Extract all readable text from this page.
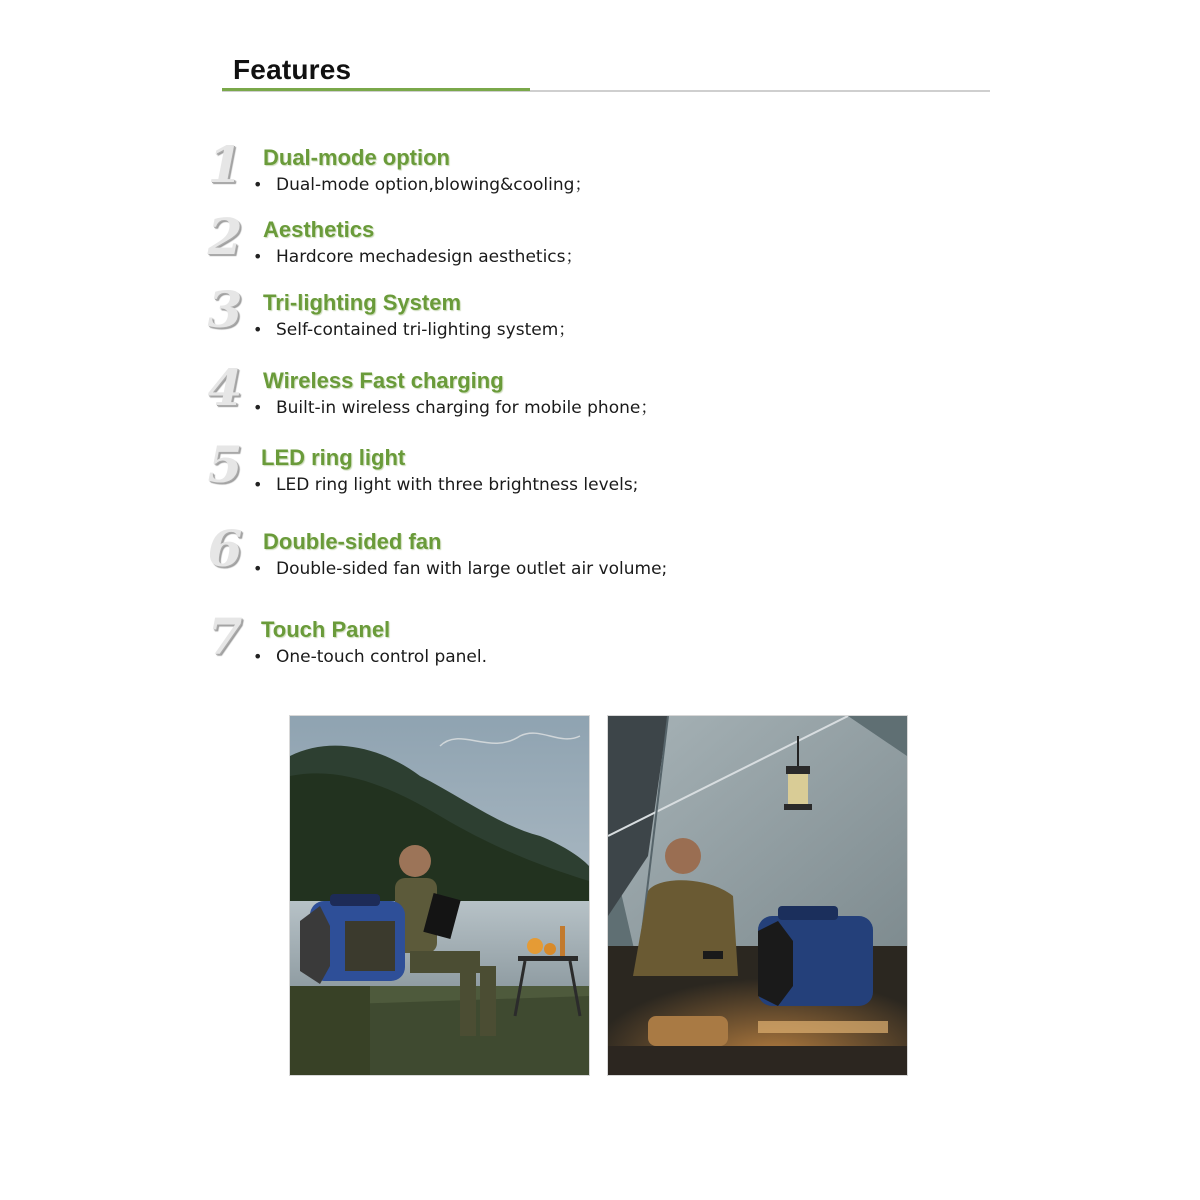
Features
1 Dual-mode option
• Dual-mode option,blowing&cooling；
2 Aesthetics
• Hardcore mechadesign aesthetics；
3 Tri-lighting System
• Self-contained tri-lighting system；
4 Wireless Fast charging
• Built-in wireless charging for mobile phone；
5 LED ring light
• LED ring light with three brightness levels;
6 Double-sided fan
• Double-sided fan with large outlet air volume;
7 Touch Panel
• One-touch control panel.
